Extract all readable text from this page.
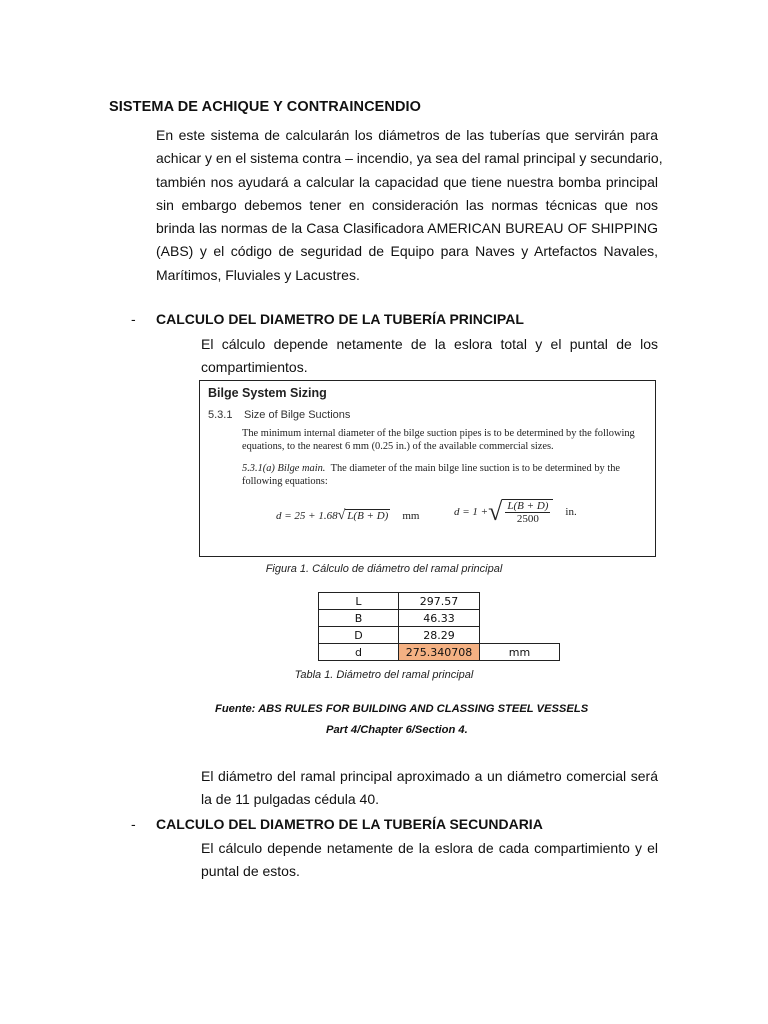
SISTEMA DE ACHIQUE Y CONTRAINCENDIO
En este sistema de calcularán los diámetros de las tuberías que servirán para
achicar y en el sistema contra – incendio, ya sea del ramal principal y secundario,
también nos ayudará a calcular la capacidad que tiene nuestra bomba principal
sin embargo debemos tener en consideración las normas técnicas que nos
brinda las normas de la Casa Clasificadora AMERICAN BUREAU OF SHIPPING
(ABS) y el código de seguridad de Equipo para Naves y Artefactos Navales,
Marítimos, Fluviales y Lacustres.
- CALCULO DEL DIAMETRO DE LA TUBERÍA PRINCIPAL
El cálculo depende netamente de la eslora total y el puntal de los
compartimientos.
Bilge System Sizing
5.3.1 Size of Bilge Suctions
The minimum internal diameter of the bilge suction pipes is to be determined by the following
equations, to the nearest 6 mm (0.25 in.) of the available commercial sizes.
5.3.1(a) Bilge main. The diameter of the main bilge line suction is to be determined by the
following equations:
d = 25 + 1.68 √ L(B + D) mm	d = 1 + √ $\frac{L(B + D)}{2500}$ in.
Figura 1. Cálculo de diámetro del ramal principal
L	297.57	
B	46.33	
D	28.29	
d	275.340708	mm
Tabla 1. Diámetro del ramal principal
Fuente: ABS RULES FOR BUILDING AND CLASSING STEEL VESSELS
Part 4/Chapter 6/Section 4.
El diámetro del ramal principal aproximado a un diámetro comercial será
la de 11 pulgadas cédula 40.
- CALCULO DEL DIAMETRO DE LA TUBERÍA SECUNDARIA
El cálculo depende netamente de la eslora de cada compartimiento y el
puntal de estos.
